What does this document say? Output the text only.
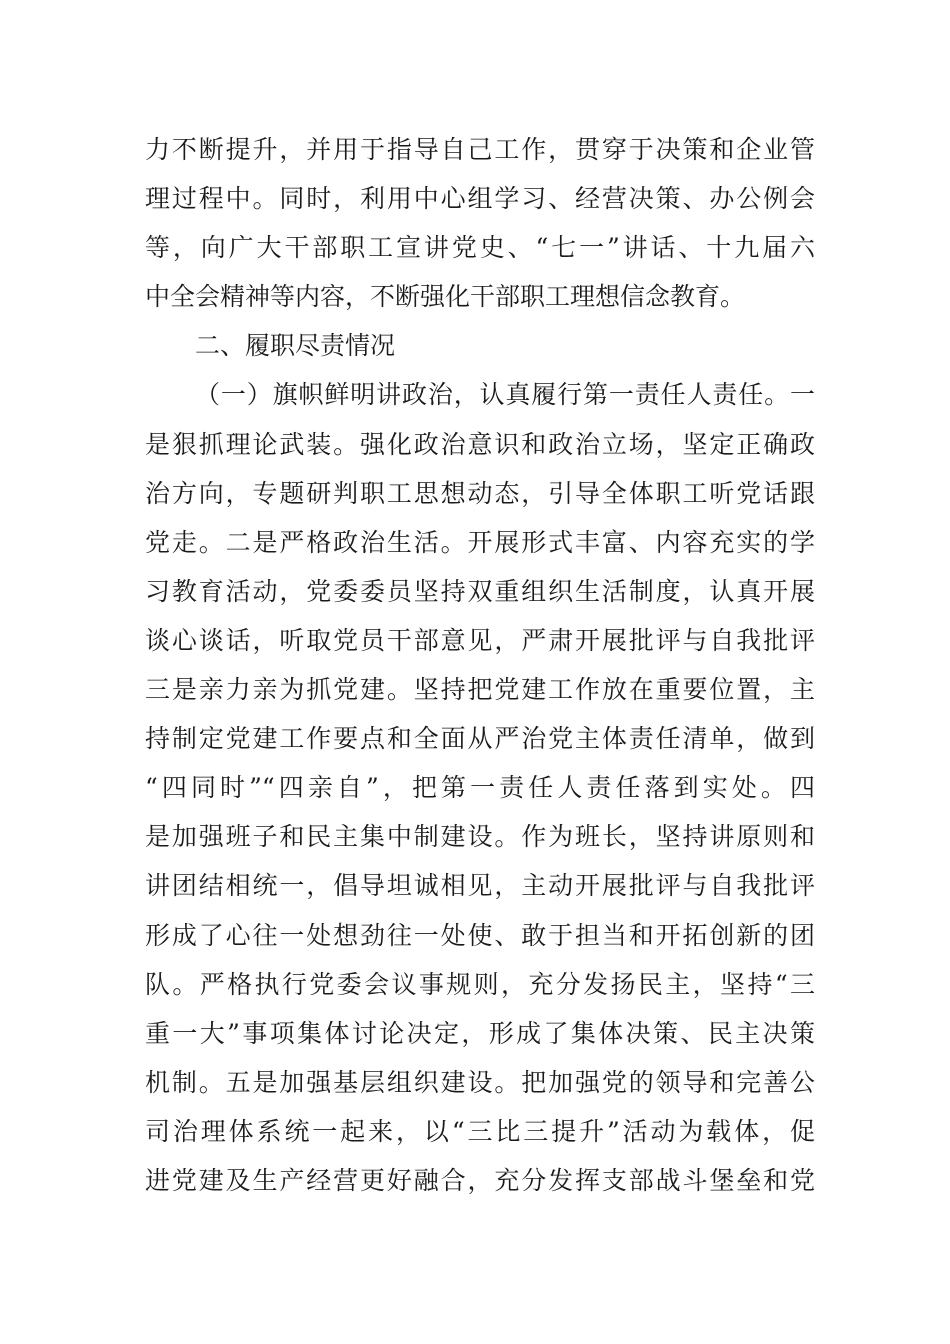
力不断提升，并用于指导自己工作，贯穿于决策和企业管
理过程中。同时，利用中心组学习、经营决策、办公例会
等，向广大干部职工宣讲党史、“七一”讲话、十九届六
中全会精神等内容，不断强化干部职工理想信念教育。
二、履职尽责情况
（一）旗帜鲜明讲政治，认真履行第一责任人责任。一
是狠抓理论武装。强化政治意识和政治立场，坚定正确政
治方向，专题研判职工思想动态，引导全体职工听党话跟
党走。二是严格政治生活。开展形式丰富、内容充实的学
习教育活动，党委委员坚持双重组织生活制度，认真开展
谈心谈话，听取党员干部意见，严肃开展批评与自我批评
三是亲力亲为抓党建。坚持把党建工作放在重要位置，主
持制定党建工作要点和全面从严治党主体责任清单，做到
“四同时”“四亲自”，把第一责任人责任落到实处。四
是加强班子和民主集中制建设。作为班长，坚持讲原则和
讲团结相统一，倡导坦诚相见，主动开展批评与自我批评
形成了心往一处想劲往一处使、敢于担当和开拓创新的团
队。严格执行党委会议事规则，充分发扬民主，坚持“三
重一大”事项集体讨论决定，形成了集体决策、民主决策
机制。五是加强基层组织建设。把加强党的领导和完善公
司治理体系统一起来，以“三比三提升”活动为载体，促
进党建及生产经营更好融合，充分发挥支部战斗堡垒和党
